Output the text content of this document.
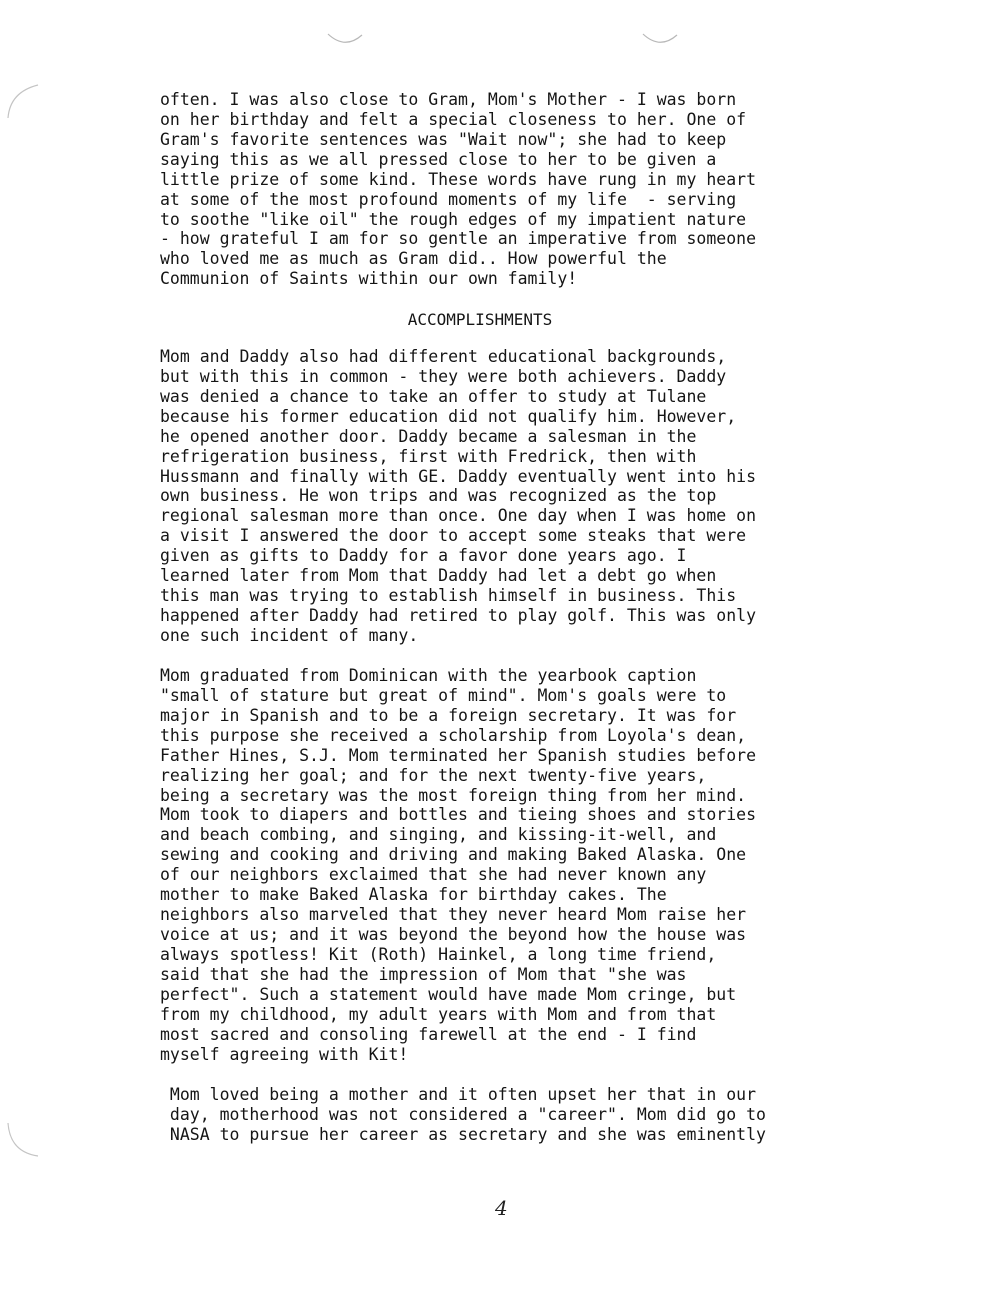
often. I was also close to Gram, Mom's Mother - I was born
on her birthday and felt a special closeness to her. One of
Gram's favorite sentences was "Wait now"; she had to keep
saying this as we all pressed close to her to be given a
little prize of some kind. These words have rung in my heart
at some of the most profound moments of my life  - serving
to soothe "like oil" the rough edges of my impatient nature
- how grateful I am for so gentle an imperative from someone
who loved me as much as Gram did.. How powerful the
Communion of Saints within our own family!
ACCOMPLISHMENTS
Mom and Daddy also had different educational backgrounds,
but with this in common - they were both achievers. Daddy
was denied a chance to take an offer to study at Tulane
because his former education did not qualify him. However,
he opened another door. Daddy became a salesman in the
refrigeration business, first with Fredrick, then with
Hussmann and finally with GE. Daddy eventually went into his
own business. He won trips and was recognized as the top
regional salesman more than once. One day when I was home on
a visit I answered the door to accept some steaks that were
given as gifts to Daddy for a favor done years ago. I
learned later from Mom that Daddy had let a debt go when
this man was trying to establish himself in business. This
happened after Daddy had retired to play golf. This was only
one such incident of many.
Mom graduated from Dominican with the yearbook caption
"small of stature but great of mind". Mom's goals were to
major in Spanish and to be a foreign secretary. It was for
this purpose she received a scholarship from Loyola's dean,
Father Hines, S.J. Mom terminated her Spanish studies before
realizing her goal; and for the next twenty-five years,
being a secretary was the most foreign thing from her mind.
Mom took to diapers and bottles and tieing shoes and stories
and beach combing, and singing, and kissing-it-well, and
sewing and cooking and driving and making Baked Alaska. One
of our neighbors exclaimed that she had never known any
mother to make Baked Alaska for birthday cakes. The
neighbors also marveled that they never heard Mom raise her
voice at us; and it was beyond the beyond how the house was
always spotless! Kit (Roth) Hainkel, a long time friend,
said that she had the impression of Mom that "she was
perfect". Such a statement would have made Mom cringe, but
from my childhood, my adult years with Mom and from that
most sacred and consoling farewell at the end - I find
myself agreeing with Kit!
Mom loved being a mother and it often upset her that in our
day, motherhood was not considered a "career". Mom did go to
NASA to pursue her career as secretary and she was eminently
4
